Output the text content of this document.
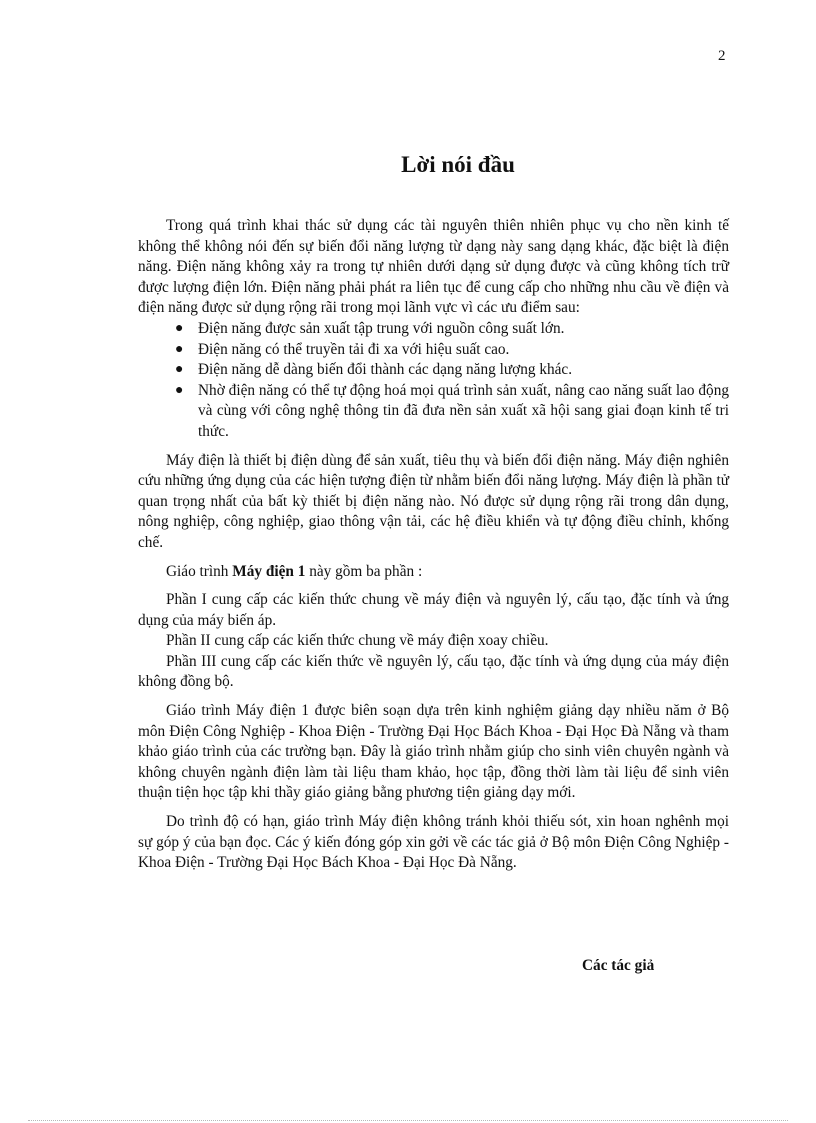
2
Lời nói đầu

Trong quá trình khai thác sử dụng các tài nguyên thiên nhiên phục vụ cho nền kinh tế không thể không nói đến sự biến đổi năng lượng từ dạng này sang dạng khác, đặc biệt là điện năng. Điện năng không xảy ra trong tự nhiên dưới dạng sử dụng được và cũng không tích trữ được lượng điện lớn. Điện năng phải phát ra liên tục để cung cấp cho những nhu cầu về điện và điện năng được sử dụng rộng rãi trong mọi lãnh vực vì các ưu điểm sau:

● Điện năng được sản xuất tập trung với nguồn công suất lớn.
● Điện năng có thể truyền tải đi xa với hiệu suất cao.
● Điện năng dễ dàng biến đổi thành các dạng năng lượng khác.
● Nhờ điện năng có thể tự động hoá mọi quá trình sản xuất, nâng cao năng suất lao động và cùng với công nghệ thông tin đã đưa nền sản xuất xã hội sang giai đoạn kinh tế tri thức.

Máy điện là thiết bị điện dùng để sản xuất, tiêu thụ và biến đổi điện năng. Máy điện nghiên cứu những ứng dụng của các hiện tượng điện từ nhằm biến đổi năng lượng. Máy điện là phần tử quan trọng nhất của bất kỳ thiết bị điện năng nào. Nó được sử dụng rộng rãi trong dân dụng, nông nghiệp, công nghiệp, giao thông vận tải, các hệ điều khiển và tự động điều chỉnh, khống chế.

Giáo trình Máy điện 1 này gồm ba phần :

Phần I cung cấp các kiến thức chung về máy điện và nguyên lý, cấu tạo, đặc tính và ứng dụng của máy biến áp.

Phần II cung cấp các kiến thức chung về máy điện xoay chiều.

Phần III cung cấp các kiến thức về nguyên lý, cấu tạo, đặc tính và ứng dụng của máy điện không đồng bộ.

Giáo trình Máy điện 1 được biên soạn dựa trên kinh nghiệm giảng dạy nhiều năm ở Bộ môn Điện Công Nghiệp - Khoa Điện - Trường Đại Học Bách Khoa - Đại Học Đà Nẵng và tham khảo giáo trình của các trường bạn. Đây là giáo trình nhằm giúp cho sinh viên chuyên ngành và không chuyên ngành điện làm tài liệu tham khảo, học tập, đồng thời làm tài liệu để sinh viên thuận tiện học tập khi thầy giáo giảng bằng phương tiện giảng dạy mới.

Do trình độ có hạn, giáo trình Máy điện không tránh khỏi thiếu sót, xin hoan nghênh mọi sự góp ý của bạn đọc. Các ý kiến đóng góp xin gởi về các tác giả ở Bộ môn Điện Công Nghiệp - Khoa Điện - Trường Đại Học Bách Khoa - Đại Học Đà Nẵng.

Các tác giả
